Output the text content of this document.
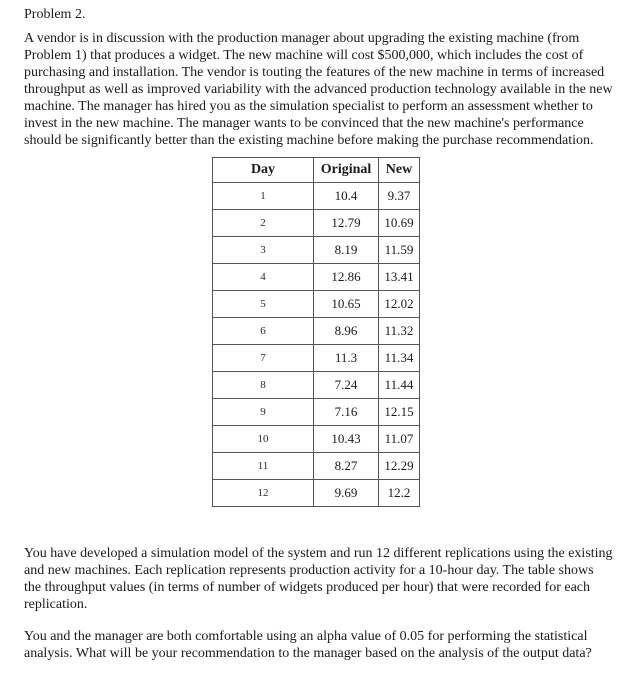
Problem 2.

A vendor is in discussion with the production manager about upgrading the existing machine (from Problem 1) that produces a widget. The new machine will cost $500,000, which includes the cost of purchasing and installation. The vendor is touting the features of the new machine in terms of increased throughput as well as improved variability with the advanced production technology available in the new machine. The manager has hired you as the simulation specialist to perform an assessment whether to invest in the new machine. The manager wants to be convinced that the new machine's performance should be significantly better than the existing machine before making the purchase recommendation.

Day	Original	New
1	10.4	9.37
2	12.79	10.69
3	8.19	11.59
4	12.86	13.41
5	10.65	12.02
6	8.96	11.32
7	11.3	11.34
8	7.24	11.44
9	7.16	12.15
10	10.43	11.07
11	8.27	12.29
12	9.69	12.2

You have developed a simulation model of the system and run 12 different replications using the existing and new machines. Each replication represents production activity for a 10-hour day. The table shows the throughput values (in terms of number of widgets produced per hour) that were recorded for each replication.

You and the manager are both comfortable using an alpha value of 0.05 for performing the statistical analysis. What will be your recommendation to the manager based on the analysis of the output data?
